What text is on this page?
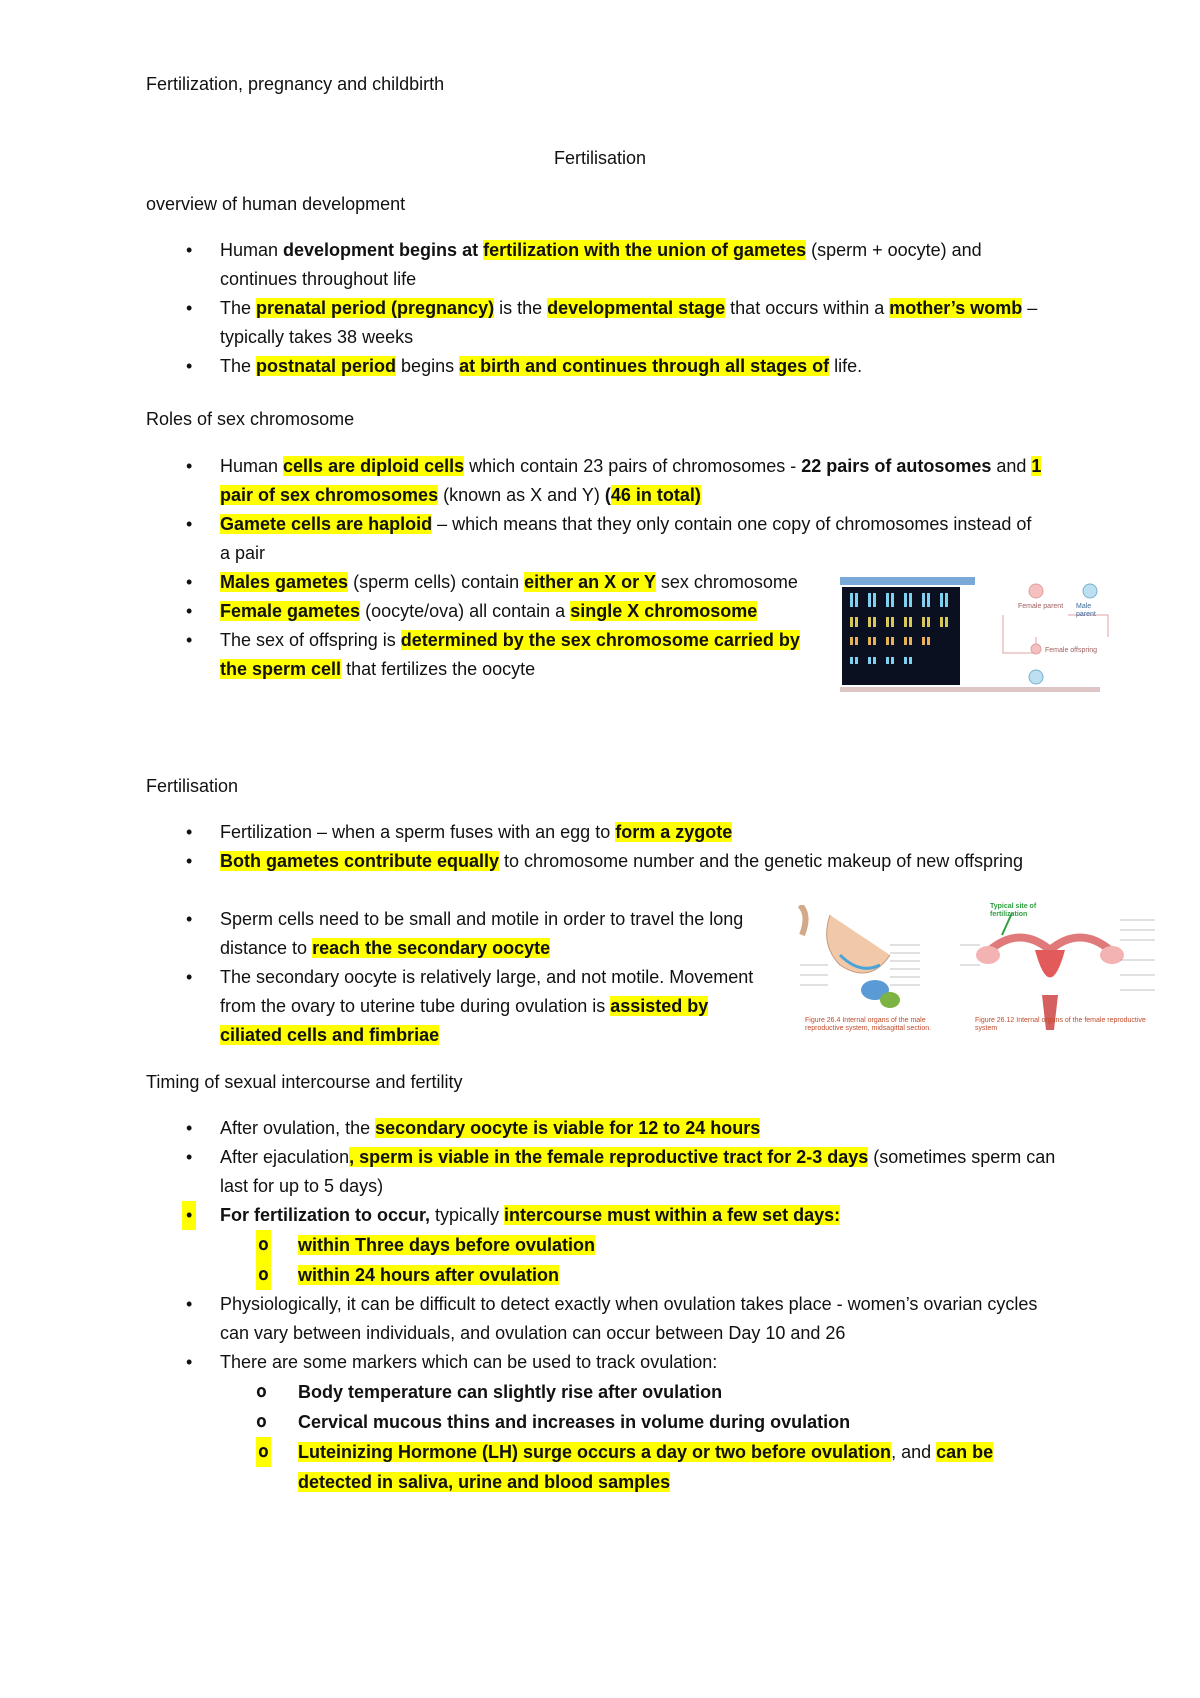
Fertilization, pregnancy and childbirth
Fertilisation
overview of human development
• Human development begins at fertilization with the union of gametes (sperm + oocyte) and continues throughout life
• The prenatal period (pregnancy) is the developmental stage that occurs within a mother’s womb – typically takes 38 weeks
• The postnatal period begins at birth and continues through all stages of life.
Roles of sex chromosome
• Human cells are diploid cells which contain 23 pairs of chromosomes - 22 pairs of autosomes and 1 pair of sex chromosomes (known as X and Y) (46 in total)
• Gamete cells are haploid – which means that they only contain one copy of chromosomes instead of a pair
• Males gametes (sperm cells) contain either an X or Y sex chromosome
• Female gametes (oocyte/ova) all contain a single X chromosome
• The sex of offspring is determined by the sex chromosome carried by the sperm cell that fertilizes the oocyte
Female parent Male parent
Female offspring
Fertilisation
• Fertilization – when a sperm fuses with an egg to form a zygote
• Both gametes contribute equally to chromosome number and the genetic makeup of new offspring
• Sperm cells need to be small and motile in order to travel the long distance to reach the secondary oocyte
• The secondary oocyte is relatively large, and not motile. Movement from the ovary to uterine tube during ovulation is assisted by ciliated cells and fimbriae
Typical site of fertilization
Figure 26.4 Internal organs of the male reproductive system, midsagittal section.
Figure 26.12 Internal organs of the female reproductive system
Timing of sexual intercourse and fertility
• After ovulation, the secondary oocyte is viable for 12 to 24 hours
• After ejaculation, sperm is viable in the female reproductive tract for 2-3 days (sometimes sperm can last for up to 5 days)
• For fertilization to occur, typically intercourse must within a few set days:
o within Three days before ovulation
o within 24 hours after ovulation
• Physiologically, it can be difficult to detect exactly when ovulation takes place - women’s ovarian cycles can vary between individuals, and ovulation can occur between Day 10 and 26
• There are some markers which can be used to track ovulation:
o Body temperature can slightly rise after ovulation
o Cervical mucous thins and increases in volume during ovulation
o Luteinizing Hormone (LH) surge occurs a day or two before ovulation, and can be detected in saliva, urine and blood samples
